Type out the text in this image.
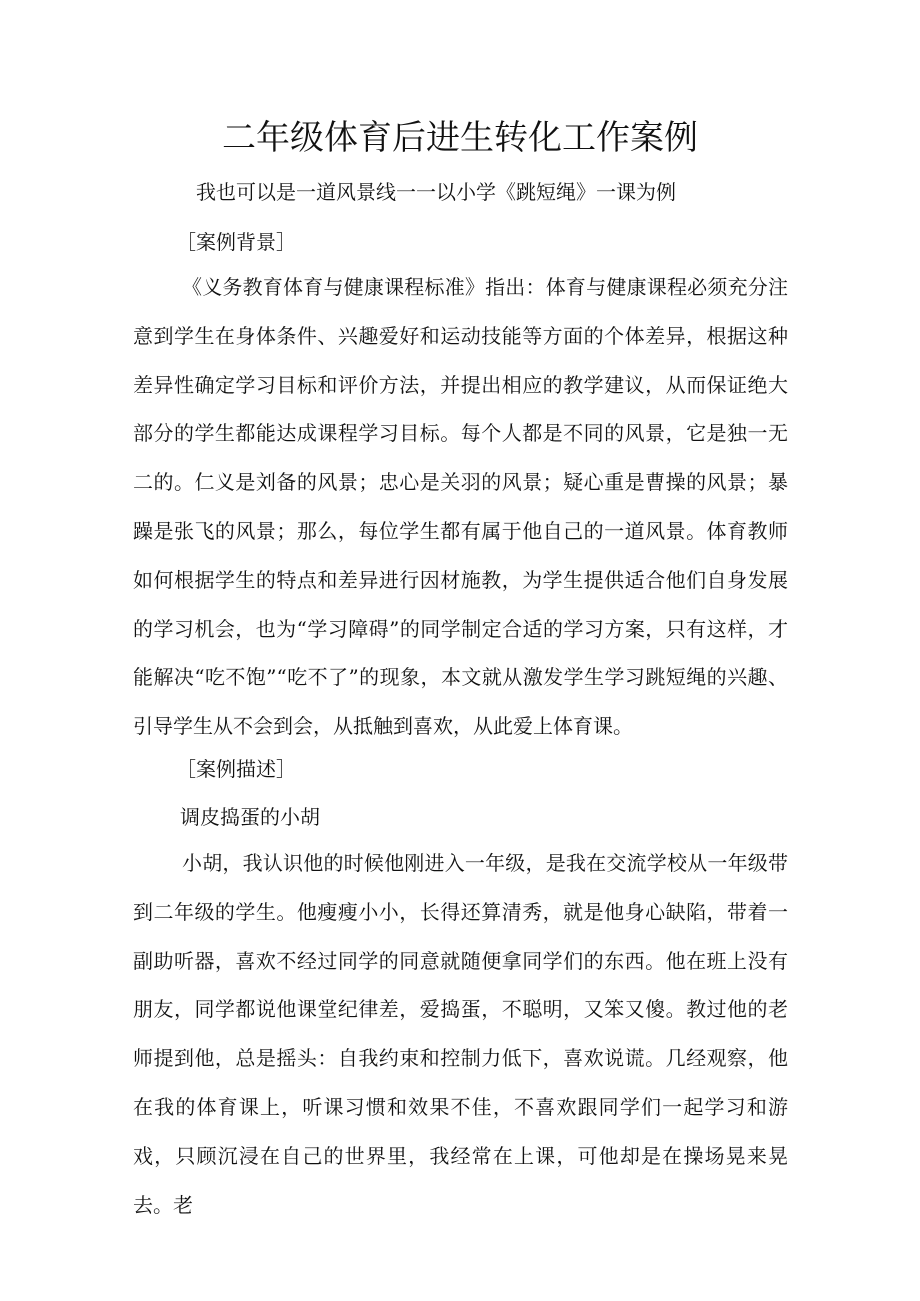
二年级体育后进生转化工作案例

我也可以是一道风景线一一以小学《跳短绳》一课为例

［案例背景］

《义务教育体育与健康课程标准》指出：体育与健康课程必须充分注意到学生在身体条件、兴趣爱好和运动技能等方面的个体差异，根据这种差异性确定学习目标和评价方法，并提出相应的教学建议，从而保证绝大部分的学生都能达成课程学习目标。每个人都是不同的风景，它是独一无二的。仁义是刘备的风景；忠心是关羽的风景；疑心重是曹操的风景；暴躁是张飞的风景；那么，每位学生都有属于他自己的一道风景。体育教师如何根据学生的特点和差异进行因材施教，为学生提供适合他们自身发展的学习机会，也为“学习障碍”的同学制定合适的学习方案，只有这样，才能解决“吃不饱”“吃不了”的现象，本文就从激发学生学习跳短绳的兴趣、引导学生从不会到会，从抵触到喜欢，从此爱上体育课。

［案例描述］

调皮捣蛋的小胡

小胡，我认识他的时候他刚进入一年级，是我在交流学校从一年级带到二年级的学生。他瘦瘦小小，长得还算清秀，就是他身心缺陷，带着一副助听器，喜欢不经过同学的同意就随便拿同学们的东西。他在班上没有朋友，同学都说他课堂纪律差，爱捣蛋，不聪明，又笨又傻。教过他的老师提到他，总是摇头：自我约束和控制力低下，喜欢说谎。几经观察，他在我的体育课上，听课习惯和效果不佳，不喜欢跟同学们一起学习和游戏，只顾沉浸在自己的世界里，我经常在上课，可他却是在操场晃来晃去。老
